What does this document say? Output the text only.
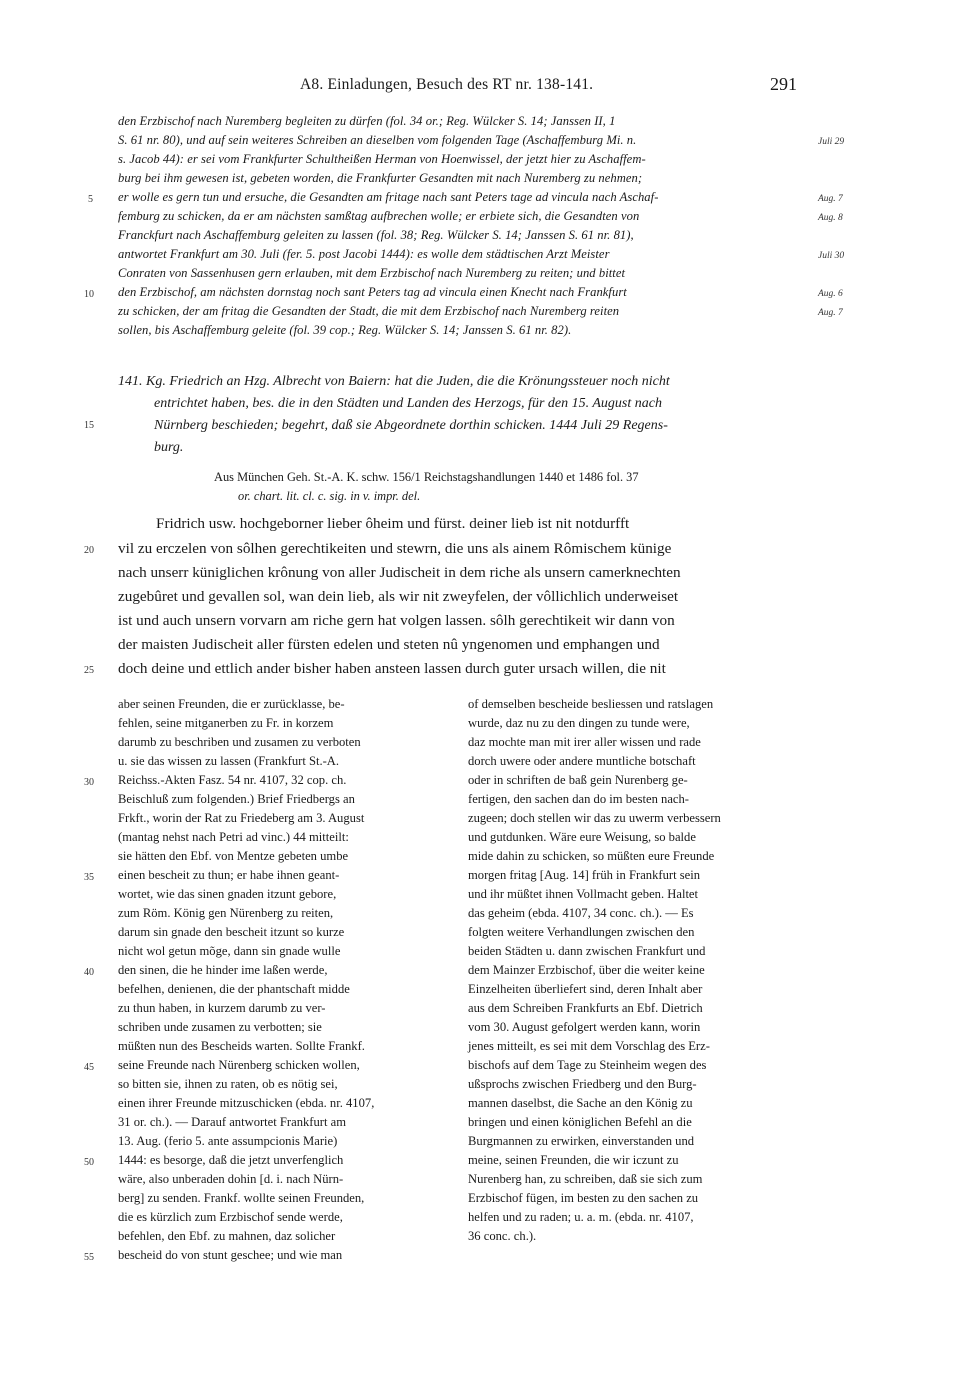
A8. Einladungen, Besuch des RT nr. 138-141.	291
den Erzbischof nach Nuremberg begleiten zu dürfen (fol. 34 or.; Reg. Wülcker S. 14; Janssen II, 1
S. 61 nr. 80), und auf sein weiteres Schreiben an dieselben vom folgenden Tage (Aschaffemburg Mi. n.
s. Jacob 44): er sei vom Frankfurter Schultheißen Herman von Hoenwissel, der jetzt hier zu Aschaffem-
burg bei ihm gewesen ist, gebeten worden, die Frankfurter Gesandten mit nach Nuremberg zu nehmen;
er wolle es gern tun und ersuche, die Gesandten am fritage nach sant Peters tage ad vincula nach Aschaf-
femburg zu schicken, da er am nächsten samßtag aufbrechen wolle; er erbiete sich, die Gesandten von
Franckfurt nach Aschaffemburg geleiten zu lassen (fol. 38; Reg. Wülcker S. 14; Janssen S. 61 nr. 81),
antwortet Frankfurt am 30. Juli (fer. 5. post Jacobi 1444): es wolle dem städtischen Arzt Meister
Conraten von Sassenhusen gern erlauben, mit dem Erzbischof nach Nuremberg zu reiten; und bittet
den Erzbischof, am nächsten dornstag noch sant Peters tag ad vincula einen Knecht nach Frankfurt
zu schicken, der am fritag die Gesandten der Stadt, die mit dem Erzbischof nach Nuremberg reiten
sollen, bis Aschaffemburg geleite (fol. 39 cop.; Reg. Wülcker S. 14; Janssen S. 61 nr. 82).
5
10
Juli 29
Aug. 7
Aug. 8
Juli 30
Aug. 6
Aug. 7
141. Kg. Friedrich an Hzg. Albrecht von Baiern: hat die Juden, die die Krönungssteuer noch nicht
entrichtet haben, bes. die in den Städten und Landen des Herzogs, für den 15. August nach
Nürnberg beschieden; begehrt, daß sie Abgeordnete dorthin schicken. 1444 Juli 29 Regens-
burg.
15
Aus München Geh. St.-A. K. schw. 156/1 Reichstagshandlungen 1440 et 1486 fol. 37
or. chart. lit. cl. c. sig. in v. impr. del.
Fridrich usw. hochgeborner lieber ôheim und fürst. deiner lieb ist nit notdurfft
vil zu erczelen von sôlhen gerechtikeiten und stewrn, die uns als ainem Rômischem künige
nach unserr küniglichen krônung von aller Judischeit in dem riche als unsern camerknechten
zugebûret und gevallen sol, wan dein lieb, als wir nit zweyfelen, der vôllichlich underweiset
ist und auch unsern vorvarn am riche gern hat volgen lassen. sôlh gerechtikeit wir dann von
der maisten Judischeit aller fürsten edelen und steten nû yngenomen und emphangen und
doch deine und ettlich ander bisher haben ansteen lassen durch guter ursach willen, die nit
20
25
aber seinen Freunden, die er zurücklasse, be-
fehlen, seine mitganerben zu Fr. in korzem
darumb zu beschriben und zusamen zu verboten
u. sie das wissen zu lassen (Frankfurt St.-A.
Reichss.-Akten Fasz. 54 nr. 4107, 32 cop. ch.
Beischluß zum folgenden.) Brief Friedbergs an
Frkft., worin der Rat zu Friedeberg am 3. August
(mantag nehst nach Petri ad vinc.) 44 mitteilt:
sie hätten den Ebf. von Mentze gebeten umbe
einen bescheit zu thun; er habe ihnen geant-
wortet, wie das sinen gnaden itzunt gebore,
zum Röm. König gen Nürenberg zu reiten,
darum sin gnade den bescheit itzunt so kurze
nicht wol getun mõge, dann sin gnade wulle
den sinen, die he hinder ime laßen werde,
befelhen, denienen, die der phantschaft midde
zu thun haben, in kurzem darumb zu ver-
schriben unde zusamen zu verbotten; sie
müßten nun des Bescheids warten. Sollte Frankf.
seine Freunde nach Nürenberg schicken wollen,
so bitten sie, ihnen zu raten, ob es nötig sei,
einen ihrer Freunde mitzuschicken (ebda. nr. 4107,
31 or. ch.). — Darauf antwortet Frankfurt am
13. Aug. (ferio 5. ante assumpcionis Marie)
1444: es besorge, daß die jetzt unverfenglich
wäre, also unberaden dohin [d. i. nach Nürn-
berg] zu senden. Frankf. wollte seinen Freunden,
die es kürzlich zum Erzbischof sende werde,
befehlen, den Ebf. zu mahnen, daz solicher
bescheid do von stunt geschee; und wie man
30
35
40
45
50
55
of demselben bescheide besliessen und ratslagen
wurde, daz nu zu den dingen zu tunde were,
daz mochte man mit irer aller wissen und rade
dorch uwere oder andere muntliche botschaft
oder in schriften de baß gein Nurenberg ge-
fertigen, den sachen dan do im besten nach-
zugeen; doch stellen wir das zu uwerm verbessern
und gutdunken. Wäre eure Weisung, so balde
mide dahin zu schicken, so müßten eure Freunde
morgen fritag [Aug. 14] früh in Frankfurt sein
und ihr müßtet ihnen Vollmacht geben. Haltet
das geheim (ebda. 4107, 34 conc. ch.). — Es
folgten weitere Verhandlungen zwischen den
beiden Städten u. dann zwischen Frankfurt und
dem Mainzer Erzbischof, über die weiter keine
Einzelheiten überliefert sind, deren Inhalt aber
aus dem Schreiben Frankfurts an Ebf. Dietrich
vom 30. August gefolgert werden kann, worin
jenes mitteilt, es sei mit dem Vorschlag des Erz-
bischofs auf dem Tage zu Steinheim wegen des
ußsprochs zwischen Friedberg und den Burg-
mannen daselbst, die Sache an den König zu
bringen und einen königlichen Befehl an die
Burgmannen zu erwirken, einverstanden und
meine, seinen Freunden, die wir iczunt zu
Nurenberg han, zu schreiben, daß sie sich zum
Erzbischof fügen, im besten zu den sachen zu
helfen und zu raden; u. a. m. (ebda. nr. 4107,
36 conc. ch.).
